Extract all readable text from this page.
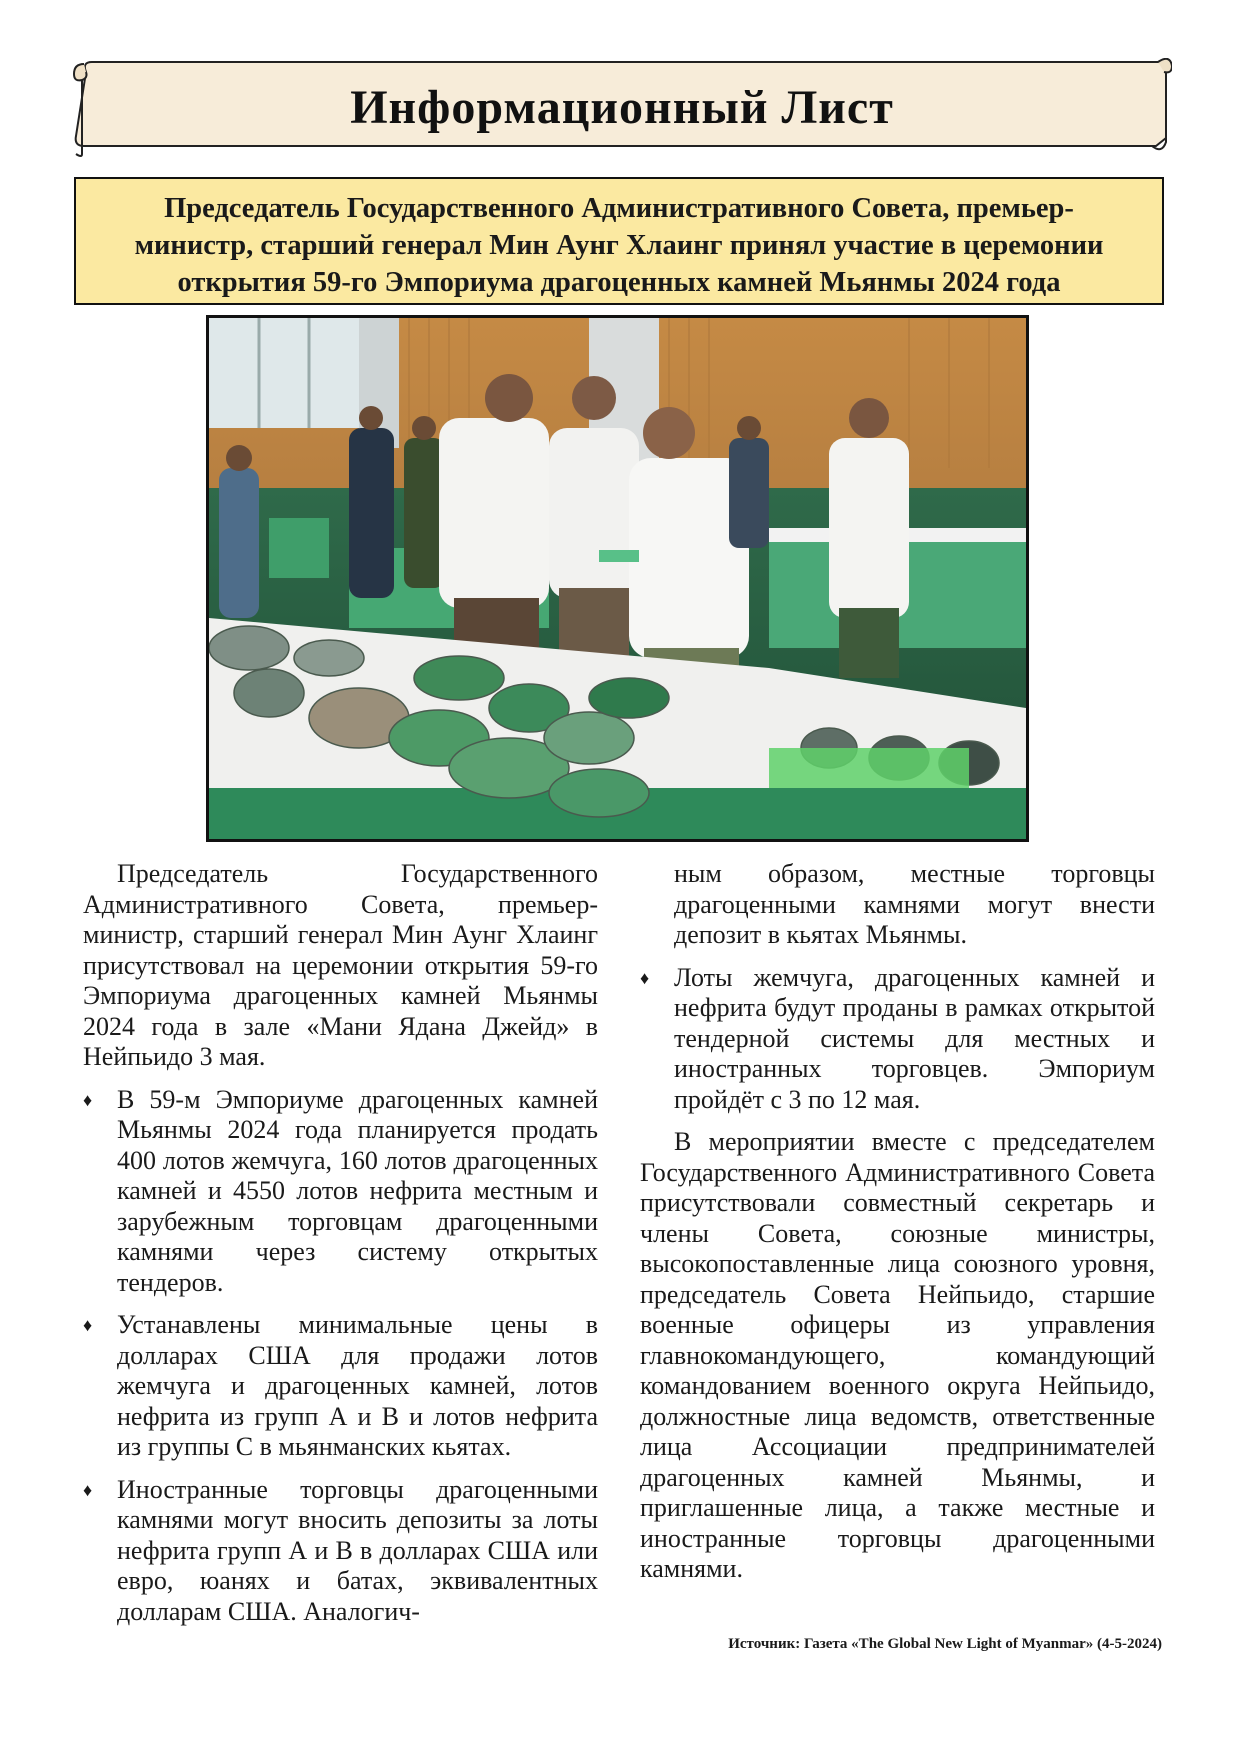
Информационный Лист
Председатель Государственного Административного Совета, премьер-
министр, старший генерал Мин Аунг Хлаинг принял участие в церемонии
открытия 59-го Эмпориума драгоценных камней Мьянмы 2024 года

Председатель Государственного Административного Совета, премьер-министр, старший генерал Мин Аунг Хлаинг присутствовал на церемонии открытия 59-го Эмпориума драгоценных камней Мьянмы 2024 года в зале «Мани Ядана Джейд» в Нейпьидо 3 мая.

♦ В 59-м Эмпориуме драгоценных камней Мьянмы 2024 года планируется продать 400 лотов жемчуга, 160 лотов драгоценных камней и 4550 лотов нефрита местным и зарубежным торговцам драгоценными камнями через систему открытых тендеров.

♦ Устанавлены минимальные цены в долларах США для продажи лотов жемчуга и драгоценных камней, лотов нефрита из групп А и В и лотов нефрита из группы С в мьянманских кьятах.

♦ Иностранные торговцы драгоценными камнями могут вносить депозиты за лоты нефрита групп А и В в долларах США или евро, юанях и батах, эквивалентных долларам США. Аналогич-

ным образом, местные торговцы драгоценными камнями могут внести депозит в кьятах Мьянмы.

♦ Лоты жемчуга, драгоценных камней и нефрита будут проданы в рамках открытой тендерной системы для местных и иностранных торговцев. Эмпориум пройдёт с 3 по 12 мая.

В мероприятии вместе с председателем Государственного Административного Совета присутствовали совместный секретарь и члены Совета, союзные министры, высокопоставленные лица союзного уровня, председатель Совета Нейпьидо, старшие военные офицеры из управления главнокомандующего, командующий командованием военного округа Нейпьидо, должностные лица ведомств, ответственные лица Ассоциации предпринимателей драгоценных камней Мьянмы, и приглашенные лица, а также местные и иностранные торговцы драгоценными камнями.

Источник: Газета «The Global New Light of Myanmar» (4-5-2024)
